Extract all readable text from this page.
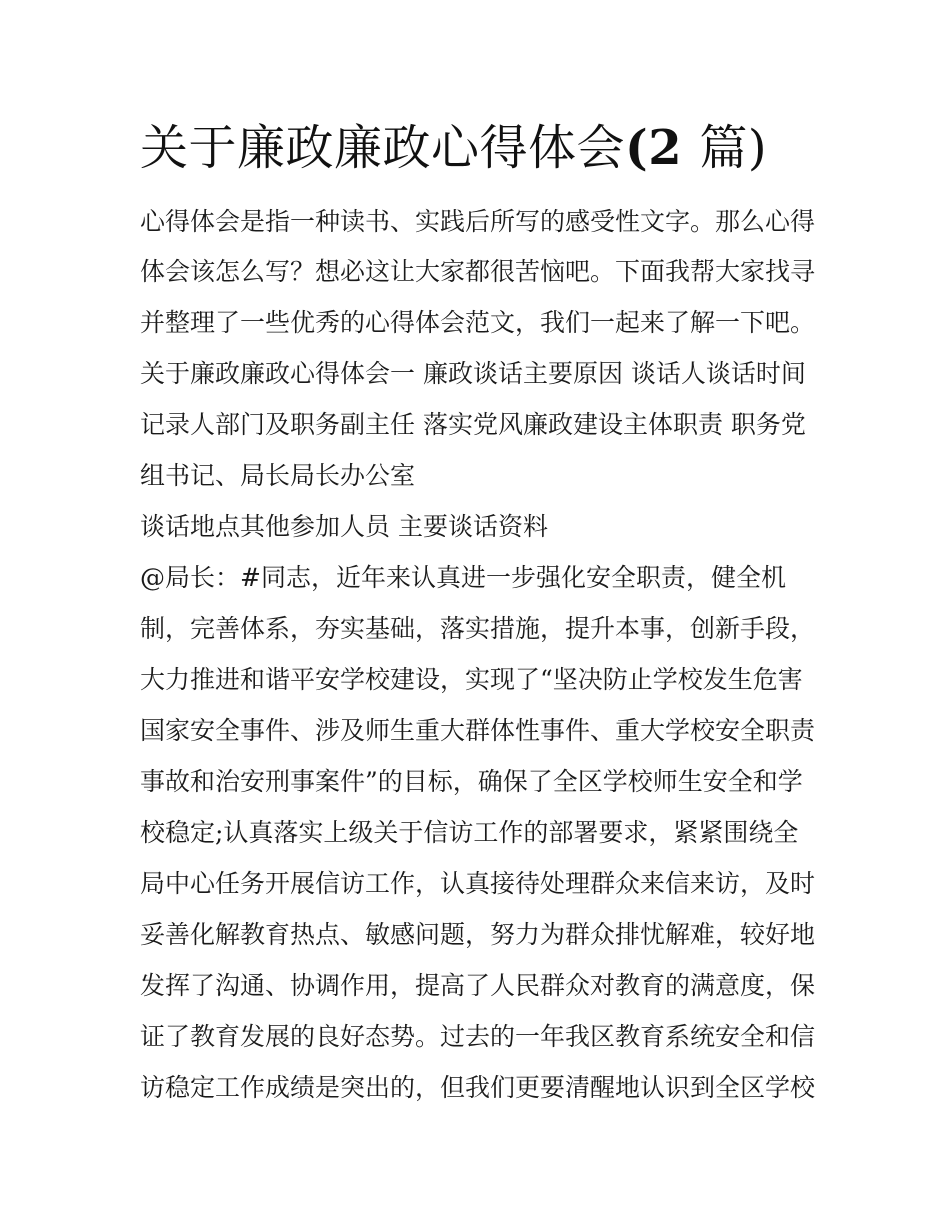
关于廉政廉政心得体会(2 篇)

心得体会是指一种读书、实践后所写的感受性文字。那么心得

体会该怎么写？想必这让大家都很苦恼吧。下面我帮大家找寻

并整理了一些优秀的心得体会范文，我们一起来了解一下吧。

关于廉政廉政心得体会一 廉政谈话主要原因 谈话人谈话时间

记录人部门及职务副主任 落实党风廉政建设主体职责 职务党

组书记、局长局长办公室

谈话地点其他参加人员 主要谈话资料

@局长：#同志，近年来认真进一步强化安全职责，健全机

制，完善体系，夯实基础，落实措施，提升本事，创新手段，

大力推进和谐平安学校建设，实现了“坚决防止学校发生危害

国家安全事件、涉及师生重大群体性事件、重大学校安全职责

事故和治安刑事案件”的目标，确保了全区学校师生安全和学

校稳定;认真落实上级关于信访工作的部署要求，紧紧围绕全

局中心任务开展信访工作，认真接待处理群众来信来访，及时

妥善化解教育热点、敏感问题，努力为群众排忧解难，较好地

发挥了沟通、协调作用，提高了人民群众对教育的满意度，保

证了教育发展的良好态势。过去的一年我区教育系统安全和信

访稳定工作成绩是突出的，但我们更要清醒地认识到全区学校
